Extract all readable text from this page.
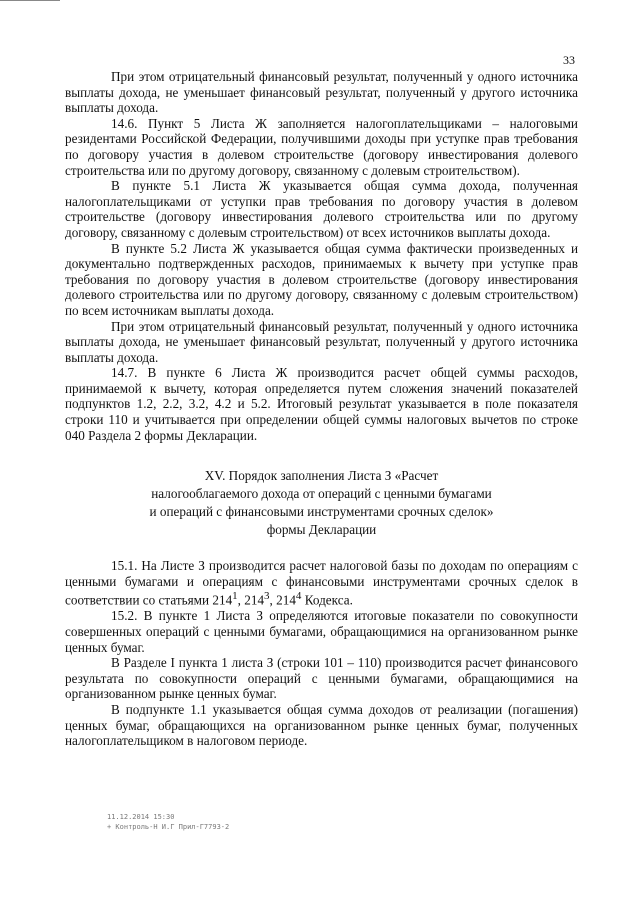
33

При этом отрицательный финансовый результат, полученный у одного источника выплаты дохода, не уменьшает финансовый результат, полученный у другого источника выплаты дохода.

14.6. Пункт 5 Листа Ж заполняется налогоплательщиками – налоговыми резидентами Российской Федерации, получившими доходы при уступке прав требования по договору участия в долевом строительстве (договору инвестирования долевого строительства или по другому договору, связанному с долевым строительством).

В пункте 5.1 Листа Ж указывается общая сумма дохода, полученная налогоплательщиками от уступки прав требования по договору участия в долевом строительстве (договору инвестирования долевого строительства или по другому договору, связанному с долевым строительством) от всех источников выплаты дохода.

В пункте 5.2 Листа Ж указывается общая сумма фактически произведенных и документально подтвержденных расходов, принимаемых к вычету при уступке прав требования по договору участия в долевом строительстве (договору инвестирования долевого строительства или по другому договору, связанному с долевым строительством) по всем источникам выплаты дохода.

При этом отрицательный финансовый результат, полученный у одного источника выплаты дохода, не уменьшает финансовый результат, полученный у другого источника выплаты дохода.

14.7. В пункте 6 Листа Ж производится расчет общей суммы расходов, принимаемой к вычету, которая определяется путем сложения значений показателей подпунктов 1.2, 2.2, 3.2, 4.2 и 5.2. Итоговый результат указывается в поле показателя строки 110 и учитывается при определении общей суммы налоговых вычетов по строке 040 Раздела 2 формы Декларации.

XV. Порядок заполнения Листа З «Расчет
налогооблагаемого дохода от операций с ценными бумагами
и операций с финансовыми инструментами срочных сделок»
формы Декларации

15.1. На Листе З производится расчет налоговой базы по доходам по операциям с ценными бумагами и операциям с финансовыми инструментами срочных сделок в соответствии со статьями $214^1$, $214^3$, $214^4$ Кодекса.

15.2. В пункте 1 Листа З определяются итоговые показатели по совокупности совершенных операций с ценными бумагами, обращающимися на организованном рынке ценных бумаг.

В Разделе I пункта 1 листа З (строки 101 – 110) производится расчет финансового результата по совокупности операций с ценными бумагами, обращающимися на организованном рынке ценных бумаг.

В подпункте 1.1 указывается общая сумма доходов от реализации (погашения) ценных бумаг, обращающихся на организованном рынке ценных бумаг, полученных налогоплательщиком в налоговом периоде.

11.12.2014 15:30
+ Контроль-Н И.Г Прил-Г7793-2
